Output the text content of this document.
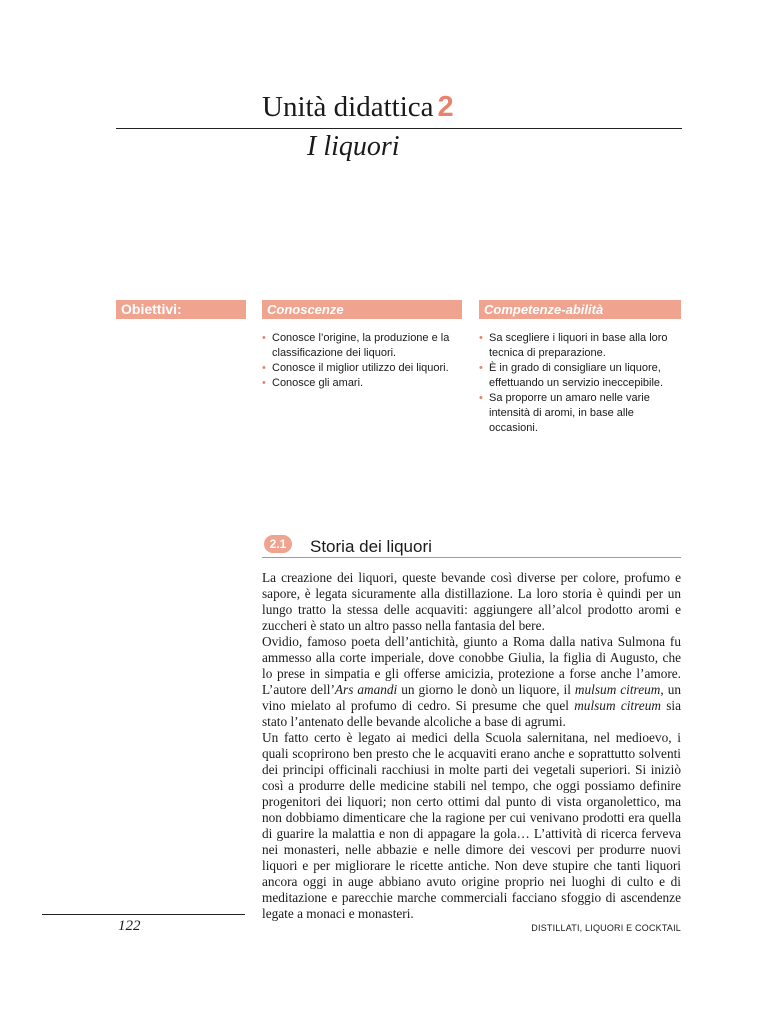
Unità didattica 2
I liquori
Obiettivi:	Conoscenze	Competenze-abilità
• Conosce l’origine, la produzione e la classificazione dei liquori.
• Conosce il miglior utilizzo dei liquori.
• Conosce gli amari.
• Sa scegliere i liquori in base alla loro tecnica di preparazione.
• È in grado di consigliare un liquore, effettuando un servizio ineccepibile.
• Sa proporre un amaro nelle varie intensità di aromi, in base alle occasioni.
2.1	Storia dei liquori

La creazione dei liquori, queste bevande così diverse per colore, profumo e sapore, è legata sicuramente alla distillazione. La loro storia è quindi per un lungo tratto la stessa delle acquaviti: aggiungere all’alcol prodotto aromi e zuccheri è stato un altro passo nella fantasia del bere.

Ovidio, famoso poeta dell’antichità, giunto a Roma dalla nativa Sulmona fu ammesso alla corte imperiale, dove conobbe Giulia, la figlia di Augusto, che lo prese in simpatia e gli offerse amicizia, protezione a forse anche l’amore. L’autore dell’Ars amandi un giorno le donò un liquore, il mulsum citreum, un vino mielato al profumo di cedro. Si presume che quel mulsum citreum sia stato l’antenato delle bevande alcoliche a base di agrumi.

Un fatto certo è legato ai medici della Scuola salernitana, nel medioevo, i quali scoprirono ben presto che le acquaviti erano anche e soprattutto solventi dei principi officinali racchiusi in molte parti dei vegetali superiori. Si iniziò così a produrre delle medicine stabili nel tempo, che oggi possiamo definire progenitori dei liquori; non certo ottimi dal punto di vista organolettico, ma non dobbiamo dimenticare che la ragione per cui venivano prodotti era quella di guarire la malattia e non di appagare la gola… L’attività di ricerca ferveva nei monasteri, nelle abbazie e nelle dimore dei vescovi per produrre nuovi liquori e per migliorare le ricette antiche. Non deve stupire che tanti liquori ancora oggi in auge abbiano avuto origine proprio nei luoghi di culto e di meditazione e parecchie marche commerciali facciano sfoggio di ascendenze legate a monaci e monasteri.

122	DISTILLATI, LIQUORI E COCKTAIL
